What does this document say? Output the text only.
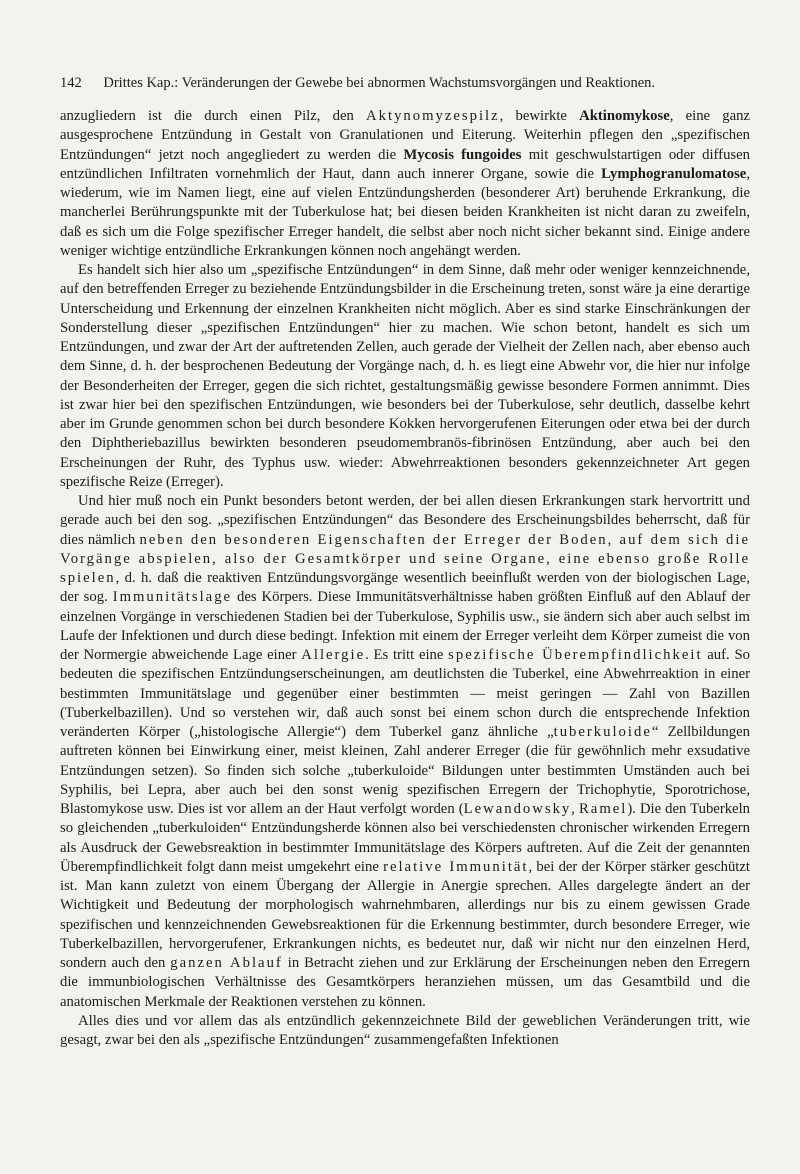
142 Drittes Kap.: Veränderungen der Gewebe bei abnormen Wachstumsvorgängen und Reaktionen.

anzugliedern ist die durch einen Pilz, den Aktynomyzespilz, bewirkte Aktinomykose, eine ganz ausgesprochene Entzündung in Gestalt von Granulationen und Eiterung. Weiterhin pflegen den „spezifischen Entzündungen“ jetzt noch angegliedert zu werden die Mycosis fungoides mit geschwulstartigen oder diffusen entzündlichen Infiltraten vornehmlich der Haut, dann auch innerer Organe, sowie die Lymphogranulomatose, wiederum, wie im Namen liegt, eine auf vielen Entzündungsherden (besonderer Art) beruhende Erkrankung, die mancherlei Berührungspunkte mit der Tuberkulose hat; bei diesen beiden Krankheiten ist nicht daran zu zweifeln, daß es sich um die Folge spezifischer Erreger handelt, die selbst aber noch nicht sicher bekannt sind. Einige andere weniger wichtige entzündliche Erkrankungen können noch angehängt werden.

Es handelt sich hier also um „spezifische Entzündungen“ in dem Sinne, daß mehr oder weniger kennzeichnende, auf den betreffenden Erreger zu beziehende Entzündungsbilder in die Erscheinung treten, sonst wäre ja eine derartige Unterscheidung und Erkennung der einzelnen Krankheiten nicht möglich. Aber es sind starke Einschränkungen der Sonderstellung dieser „spezifischen Entzündungen“ hier zu machen. Wie schon betont, handelt es sich um Entzündungen, und zwar der Art der auftretenden Zellen, auch gerade der Vielheit der Zellen nach, aber ebenso auch dem Sinne, d. h. der besprochenen Bedeutung der Vorgänge nach, d. h. es liegt eine Abwehr vor, die hier nur infolge der Besonderheiten der Erreger, gegen die sich richtet, gestaltungsmäßig gewisse besondere Formen annimmt. Dies ist zwar hier bei den spezifischen Entzündungen, wie besonders bei der Tuberkulose, sehr deutlich, dasselbe kehrt aber im Grunde genommen schon bei durch besondere Kokken hervorgerufenen Eiterungen oder etwa bei der durch den Diphtheriebazillus bewirkten besonderen pseudomembranös-fibrinösen Entzündung, aber auch bei den Erscheinungen der Ruhr, des Typhus usw. wieder: Abwehrreaktionen besonders gekennzeichneter Art gegen spezifische Reize (Erreger).

Und hier muß noch ein Punkt besonders betont werden, der bei allen diesen Erkrankungen stark hervortritt und gerade auch bei den sog. „spezifischen Entzündungen“ das Besondere des Erscheinungsbildes beherrscht, daß für dies nämlich neben den besonderen Eigenschaften der Erreger der Boden, auf dem sich die Vorgänge abspielen, also der Gesamtkörper und seine Organe, eine ebenso große Rolle spielen, d. h. daß die reaktiven Entzündungsvorgänge wesentlich beeinflußt werden von der biologischen Lage, der sog. Immunitätslage des Körpers. Diese Immunitätsverhältnisse haben größten Einfluß auf den Ablauf der einzelnen Vorgänge in verschiedenen Stadien bei der Tuberkulose, Syphilis usw., sie ändern sich aber auch selbst im Laufe der Infektionen und durch diese bedingt. Infektion mit einem der Erreger verleiht dem Körper zumeist die von der Normergie abweichende Lage einer Allergie. Es tritt eine spezifische Überempfindlichkeit auf. So bedeuten die spezifischen Entzündungserscheinungen, am deutlichsten die Tuberkel, eine Abwehrreaktion in einer bestimmten Immunitätslage und gegenüber einer bestimmten — meist geringen — Zahl von Bazillen (Tuberkelbazillen). Und so verstehen wir, daß auch sonst bei einem schon durch die entsprechende Infektion veränderten Körper („histologische Allergie“) dem Tuberkel ganz ähnliche „tuberkuloide“ Zellbildungen auftreten können bei Einwirkung einer, meist kleinen, Zahl anderer Erreger (die für gewöhnlich mehr exsudative Entzündungen setzen). So finden sich solche „tuberkuloide“ Bildungen unter bestimmten Umständen auch bei Syphilis, bei Lepra, aber auch bei den sonst wenig spezifischen Erregern der Trichophytie, Sporotrichose, Blastomykose usw. Dies ist vor allem an der Haut verfolgt worden (Lewandowsky, Ramel). Die den Tuberkeln so gleichenden „tuberkuloiden“ Entzündungsherde können also bei verschiedensten chronischer wirkenden Erregern als Ausdruck der Gewebsreaktion in bestimmter Immunitätslage des Körpers auftreten. Auf die Zeit der genannten Überempfindlichkeit folgt dann meist umgekehrt eine relative Immunität, bei der der Körper stärker geschützt ist. Man kann zuletzt von einem Übergang der Allergie in Anergie sprechen. Alles dargelegte ändert an der Wichtigkeit und Bedeutung der morphologisch wahrnehmbaren, allerdings nur bis zu einem gewissen Grade spezifischen und kennzeichnenden Gewebsreaktionen für die Erkennung bestimmter, durch besondere Erreger, wie Tuberkelbazillen, hervorgerufener, Erkrankungen nichts, es bedeutet nur, daß wir nicht nur den einzelnen Herd, sondern auch den ganzen Ablauf in Betracht ziehen und zur Erklärung der Erscheinungen neben den Erregern die immunbiologischen Verhältnisse des Gesamtkörpers heranziehen müssen, um das Gesamtbild und die anatomischen Merkmale der Reaktionen verstehen zu können.

Alles dies und vor allem das als entzündlich gekennzeichnete Bild der geweblichen Veränderungen tritt, wie gesagt, zwar bei den als „spezifische Entzündungen“ zusammengefaßten Infektionen
